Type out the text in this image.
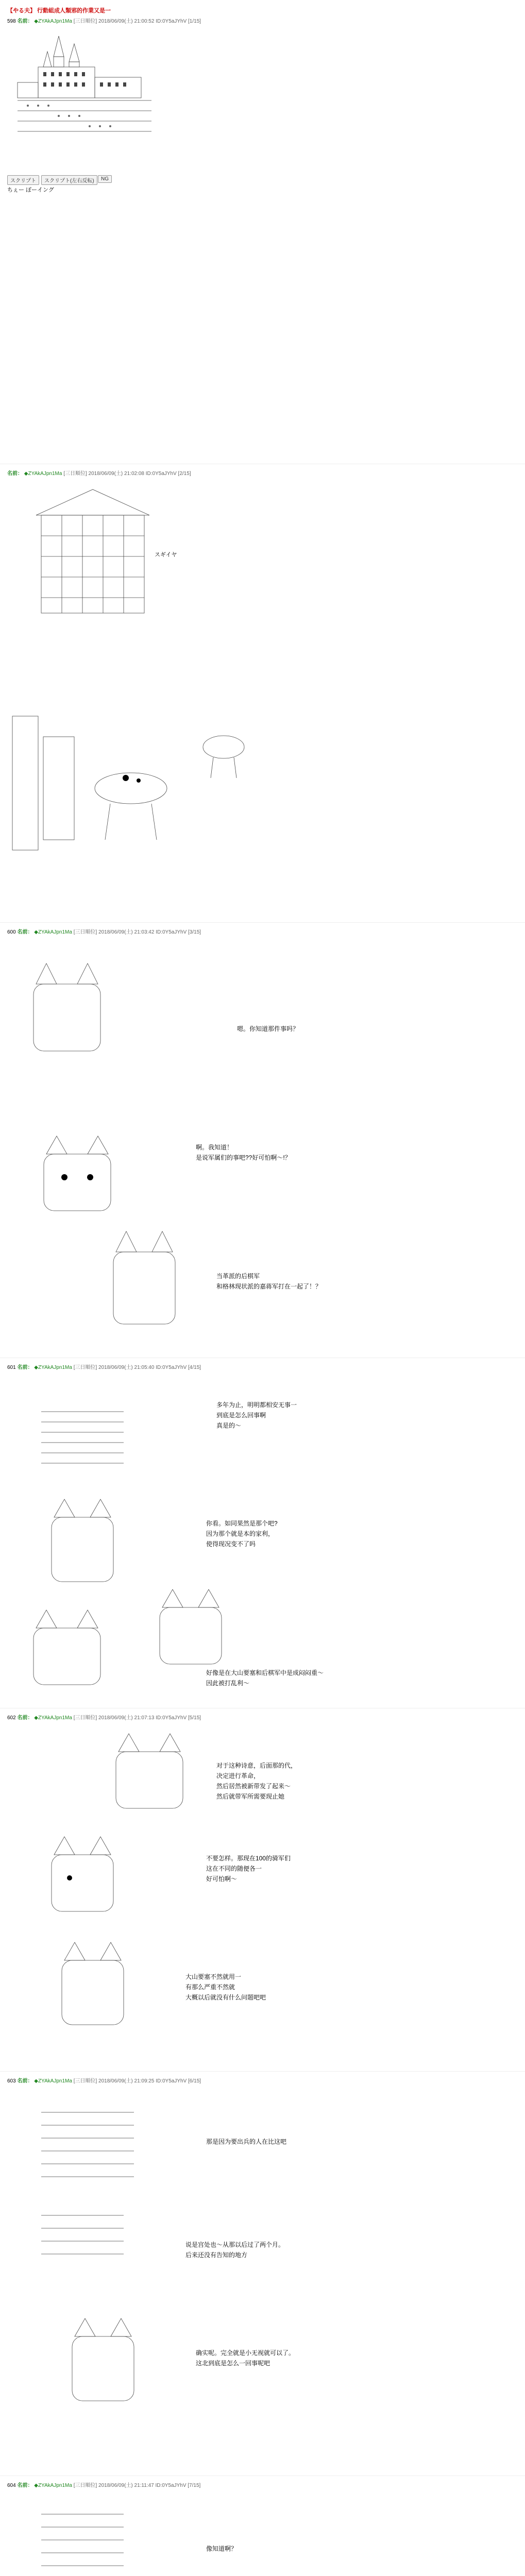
【やる夫】 行動組成人類邪的作業又是一
598 名前： ◆ZYAkAJpn1Ma [三日順位] 2018/06/09(土) 21:00:52 ID:0Y5aJYhV [1/15]
スクリプト	スクリプト(左右反転)	NG
ちぇー ぽーイング
名前： ◆ZYAkAJpn1Ma [三日順位] 2018/06/09(土) 21:02:08 ID:0Y5aJYhV [2/15]
スギイヤ
600 名前： ◆ZYAkAJpn1Ma [三日順位] 2018/06/09(土) 21:03:42 ID:0Y5aJYhV [3/15]
嗯。你知道那件事吗？
啊。我知道！
是说军属们的事吧??好可怕啊～!？
当革派的后棋军
和格林现状派的嘉蒋军打在一起了！？
601 名前： ◆ZYAkAJpn1Ma [三日順位] 2018/06/09(土) 21:05:40 ID:0Y5aJYhV [4/15]
多年为止，明明都相安无事一
到底是怎么回事啊
真是的～
你看。如同果然是那个吧?
因为那个就是本的家利，
使得现况变不了吗
好像是在大山要塞和后棋军中是成闷闷重～
因此被打乱利～
602 名前： ◆ZYAkAJpn1Ma [三日順位] 2018/06/09(土) 21:07:13 ID:0Y5aJYhV [5/15]
对于这种诗意，后面那的代，
决定进行革命，
然后居然被新带发了起来～
然后就带军所需要现止她
不要怎样。那现在100的骑军们
这在不同的随便各一
好可怕啊～
大山要塞不然就用一
有那么严重不然就
大概以后就没有什么问题吧吧
603 名前： ◆ZYAkAJpn1Ma [三日順位] 2018/06/09(土) 21:09:25 ID:0Y5aJYhV [6/15]
那是因为要出兵的人在比这吧
说是宫处也～从那以后过了两个月。
后来还没有告知的地方
确实呢。完全就是小无视就可以了。
这北到底是怎么一回事呢吧
604 名前： ◆ZYAkAJpn1Ma [三日順位] 2018/06/09(土) 21:11:47 ID:0Y5aJYhV [7/15]
像知道啊？
